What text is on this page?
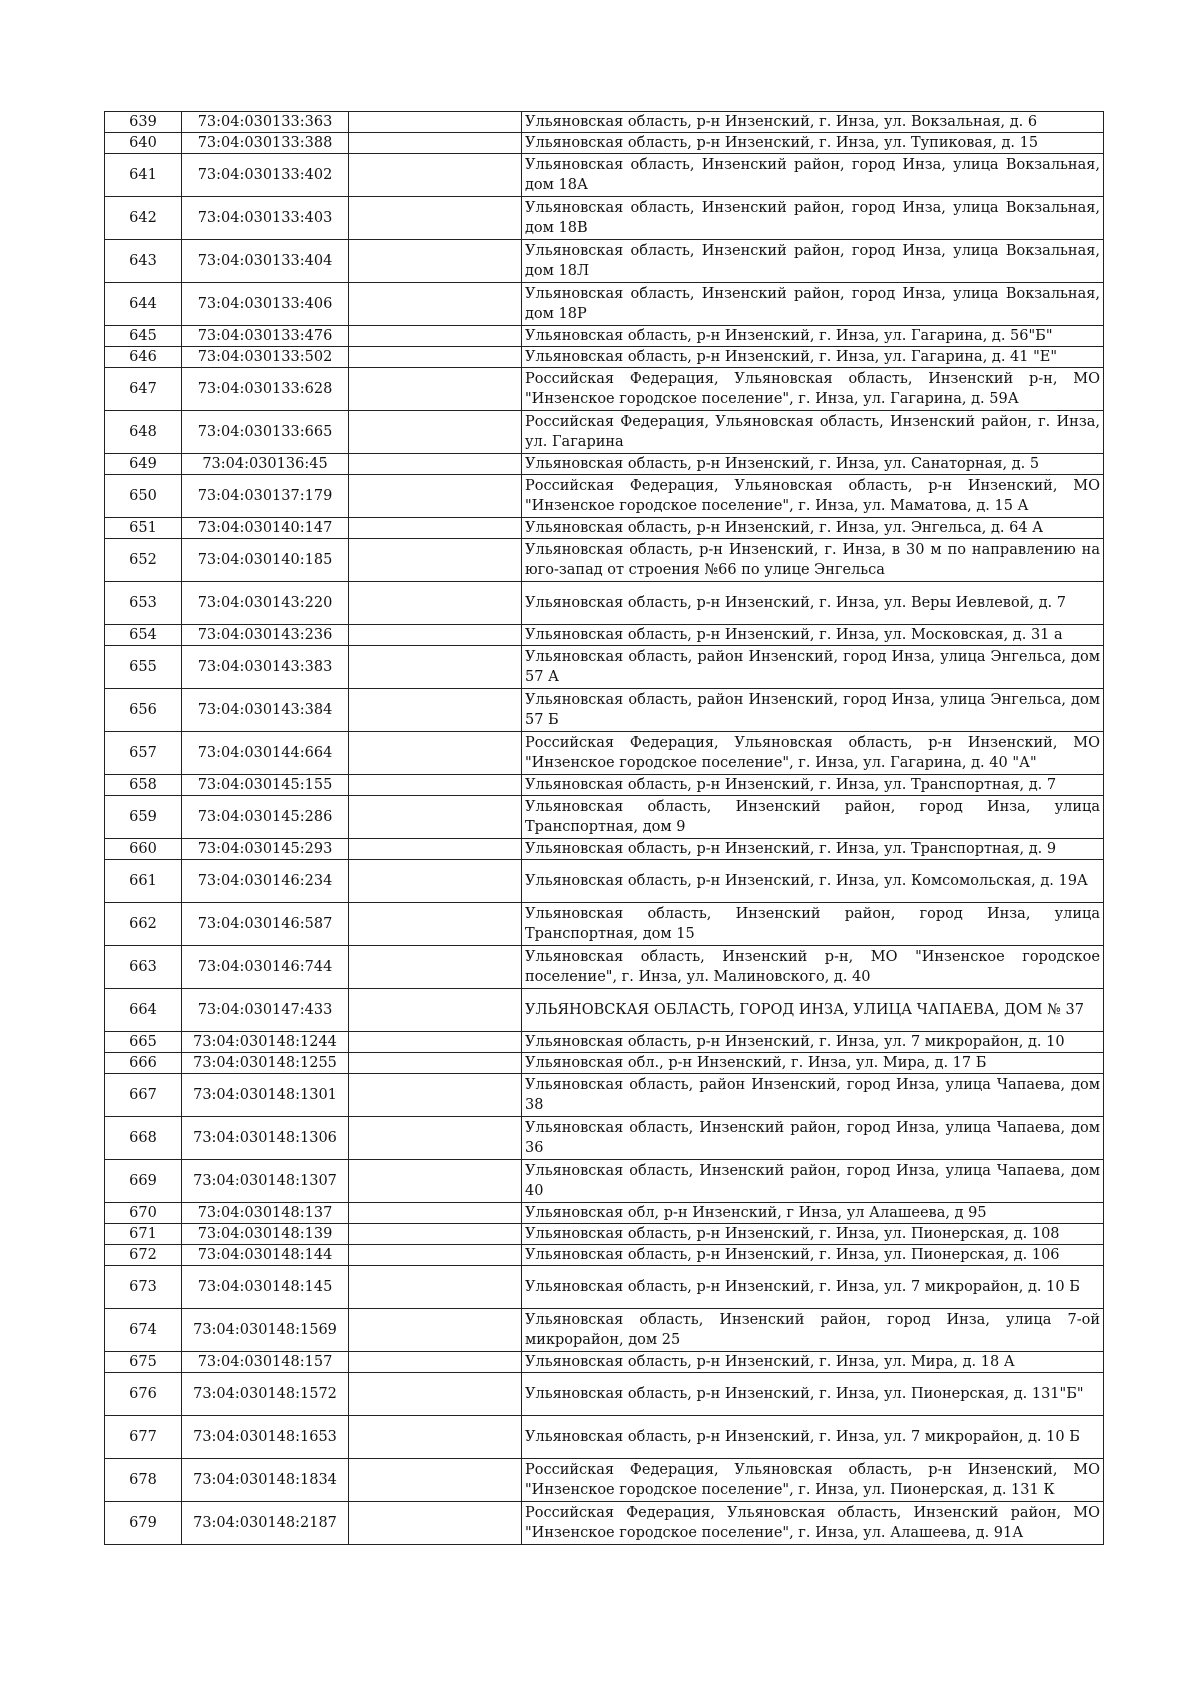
639	73:04:030133:363		Ульяновская область, р-н Инзенский, г. Инза, ул. Вокзальная, д. 6
640	73:04:030133:388		Ульяновская область, р-н Инзенский, г. Инза, ул. Тупиковая, д. 15
641	73:04:030133:402		Ульяновская область, Инзенский район, город Инза, улица Вокзальная, дом 18А
642	73:04:030133:403		Ульяновская область, Инзенский район, город Инза, улица Вокзальная, дом 18В
643	73:04:030133:404		Ульяновская область, Инзенский район, город Инза, улица Вокзальная, дом 18Л
644	73:04:030133:406		Ульяновская область, Инзенский район, город Инза, улица Вокзальная, дом 18Р
645	73:04:030133:476		Ульяновская область, р-н Инзенский, г. Инза, ул. Гагарина, д. 56"Б"
646	73:04:030133:502		Ульяновская область, р-н Инзенский, г. Инза, ул. Гагарина, д. 41 "Е"
647	73:04:030133:628		Российская Федерация, Ульяновская область, Инзенский р-н, МО "Инзенское городское поселение", г. Инза, ул. Гагарина, д. 59А
648	73:04:030133:665		Российская Федерация, Ульяновская область, Инзенский район, г. Инза, ул. Гагарина
649	73:04:030136:45		Ульяновская область, р-н Инзенский, г. Инза, ул. Санаторная, д. 5
650	73:04:030137:179		Российская Федерация, Ульяновская область, р-н Инзенский, МО "Инзенское городское поселение", г. Инза, ул. Маматова, д. 15 А
651	73:04:030140:147		Ульяновская область, р-н Инзенский, г. Инза, ул. Энгельса, д. 64 А
652	73:04:030140:185		Ульяновская область, р-н Инзенский, г. Инза, в 30 м по направлению на юго-запад от строения №66 по улице Энгельса
653	73:04:030143:220		Ульяновская область, р-н Инзенский, г. Инза, ул. Веры Иевлевой, д. 7
654	73:04:030143:236		Ульяновская область, р-н Инзенский, г. Инза, ул. Московская, д. 31 а
655	73:04:030143:383		Ульяновская область, район Инзенский, город Инза, улица Энгельса, дом 57 А
656	73:04:030143:384		Ульяновская область, район Инзенский, город Инза, улица Энгельса, дом 57 Б
657	73:04:030144:664		Российская Федерация, Ульяновская область, р-н Инзенский, МО "Инзенское городское поселение", г. Инза, ул. Гагарина, д. 40 "А"
658	73:04:030145:155		Ульяновская область, р-н Инзенский, г. Инза, ул. Транспортная, д. 7
659	73:04:030145:286		Ульяновская область, Инзенский район, город Инза, улица Транспортная, дом 9
660	73:04:030145:293		Ульяновская область, р-н Инзенский, г. Инза, ул. Транспортная, д. 9
661	73:04:030146:234		Ульяновская область, р-н Инзенский, г. Инза, ул. Комсомольская, д. 19А
662	73:04:030146:587		Ульяновская область, Инзенский район, город Инза, улица Транспортная, дом 15
663	73:04:030146:744		Ульяновская область, Инзенский р-н, МО "Инзенское городское поселение", г. Инза, ул. Малиновского, д. 40
664	73:04:030147:433		УЛЬЯНОВСКАЯ ОБЛАСТЬ, ГОРОД ИНЗА, УЛИЦА ЧАПАЕВА, ДОМ № 37
665	73:04:030148:1244		Ульяновская область, р-н Инзенский, г. Инза, ул. 7 микрорайон, д. 10
666	73:04:030148:1255		Ульяновская обл., р-н Инзенский, г. Инза, ул. Мира, д. 17 Б
667	73:04:030148:1301		Ульяновская область, район Инзенский, город Инза, улица Чапаева, дом 38
668	73:04:030148:1306		Ульяновская область, Инзенский район, город Инза, улица Чапаева, дом 36
669	73:04:030148:1307		Ульяновская область, Инзенский район, город Инза, улица Чапаева, дом 40
670	73:04:030148:137		Ульяновская обл, р-н Инзенский, г Инза, ул Алашеева, д 95
671	73:04:030148:139		Ульяновская область, р-н Инзенский, г. Инза, ул. Пионерская, д. 108
672	73:04:030148:144		Ульяновская область, р-н Инзенский, г. Инза, ул. Пионерская, д. 106
673	73:04:030148:145		Ульяновская область, р-н Инзенский, г. Инза, ул. 7 микрорайон, д. 10 Б
674	73:04:030148:1569		Ульяновская область, Инзенский район, город Инза, улица 7-ой микрорайон, дом 25
675	73:04:030148:157		Ульяновская область, р-н Инзенский, г. Инза, ул. Мира, д. 18 А
676	73:04:030148:1572		Ульяновская область, р-н Инзенский, г. Инза, ул. Пионерская, д. 131"Б"
677	73:04:030148:1653		Ульяновская область, р-н Инзенский, г. Инза, ул. 7 микрорайон, д. 10 Б
678	73:04:030148:1834		Российская Федерация, Ульяновская область, р-н Инзенский, МО "Инзенское городское поселение", г. Инза, ул. Пионерская, д. 131 К
679	73:04:030148:2187		Российская Федерация, Ульяновская область, Инзенский район, МО "Инзенское городское поселение", г. Инза, ул. Алашеева, д. 91А
